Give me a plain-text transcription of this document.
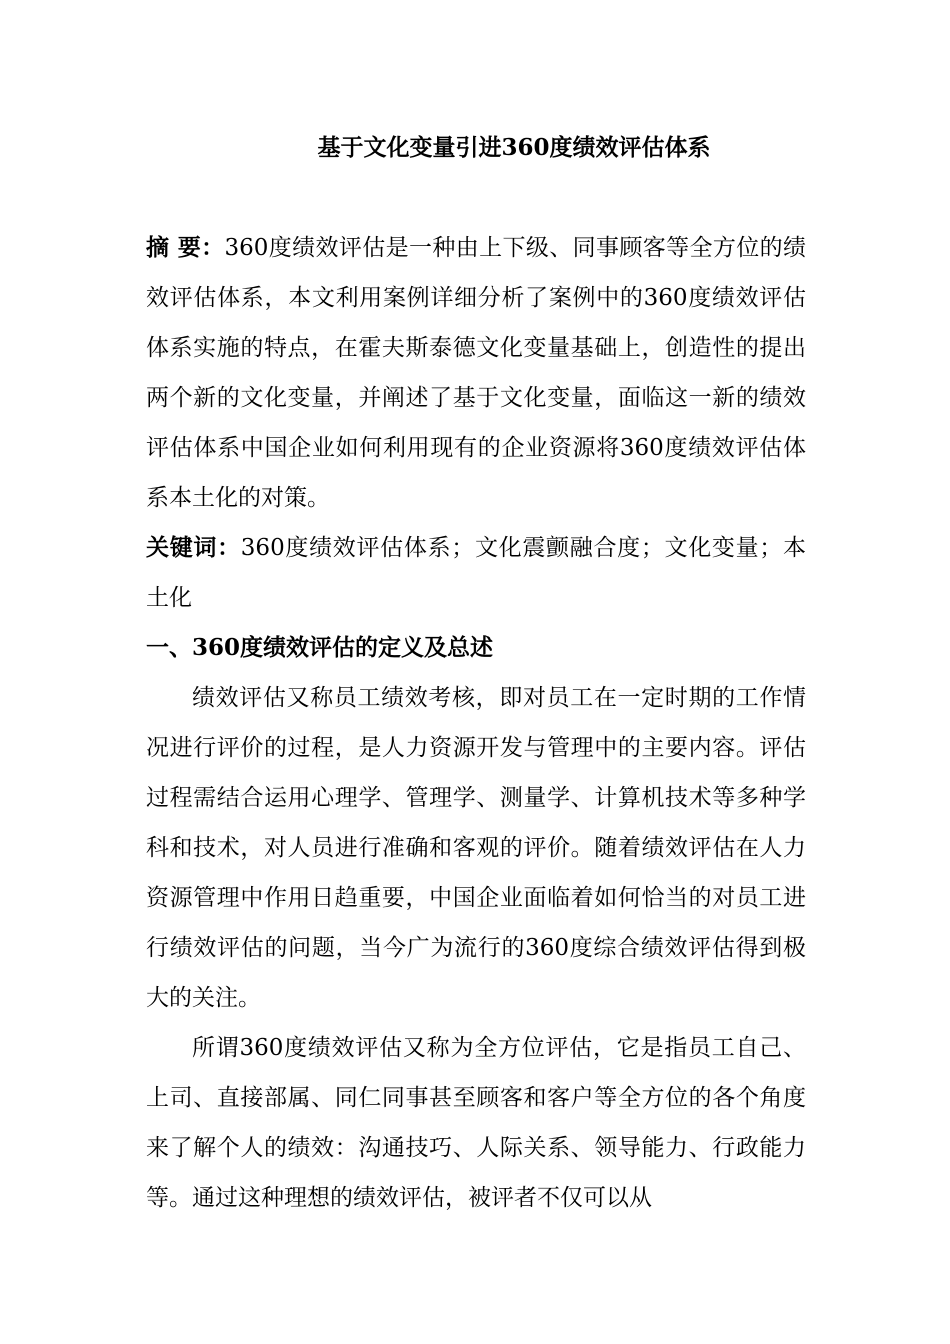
基于文化变量引进360度绩效评估体系

摘 要：360度绩效评估是一种由上下级、同事顾客等全方位的绩效评估体系，本文利用案例详细分析了案例中的360度绩效评估体系实施的特点，在霍夫斯泰德文化变量基础上，创造性的提出两个新的文化变量，并阐述了基于文化变量，面临这一新的绩效评估体系中国企业如何利用现有的企业资源将360度绩效评估体系本土化的对策。

关键词：360度绩效评估体系；文化震颤融合度；文化变量；本土化

一、360度绩效评估的定义及总述

绩效评估又称员工绩效考核，即对员工在一定时期的工作情况进行评价的过程，是人力资源开发与管理中的主要内容。评估过程需结合运用心理学、管理学、测量学、计算机技术等多种学科和技术，对人员进行准确和客观的评价。随着绩效评估在人力资源管理中作用日趋重要，中国企业面临着如何恰当的对员工进行绩效评估的问题，当今广为流行的360度综合绩效评估得到极大的关注。

所谓360度绩效评估又称为全方位评估，它是指员工自己、上司、直接部属、同仁同事甚至顾客和客户等全方位的各个角度来了解个人的绩效：沟通技巧、人际关系、领导能力、行政能力等。通过这种理想的绩效评估，被评者不仅可以从
